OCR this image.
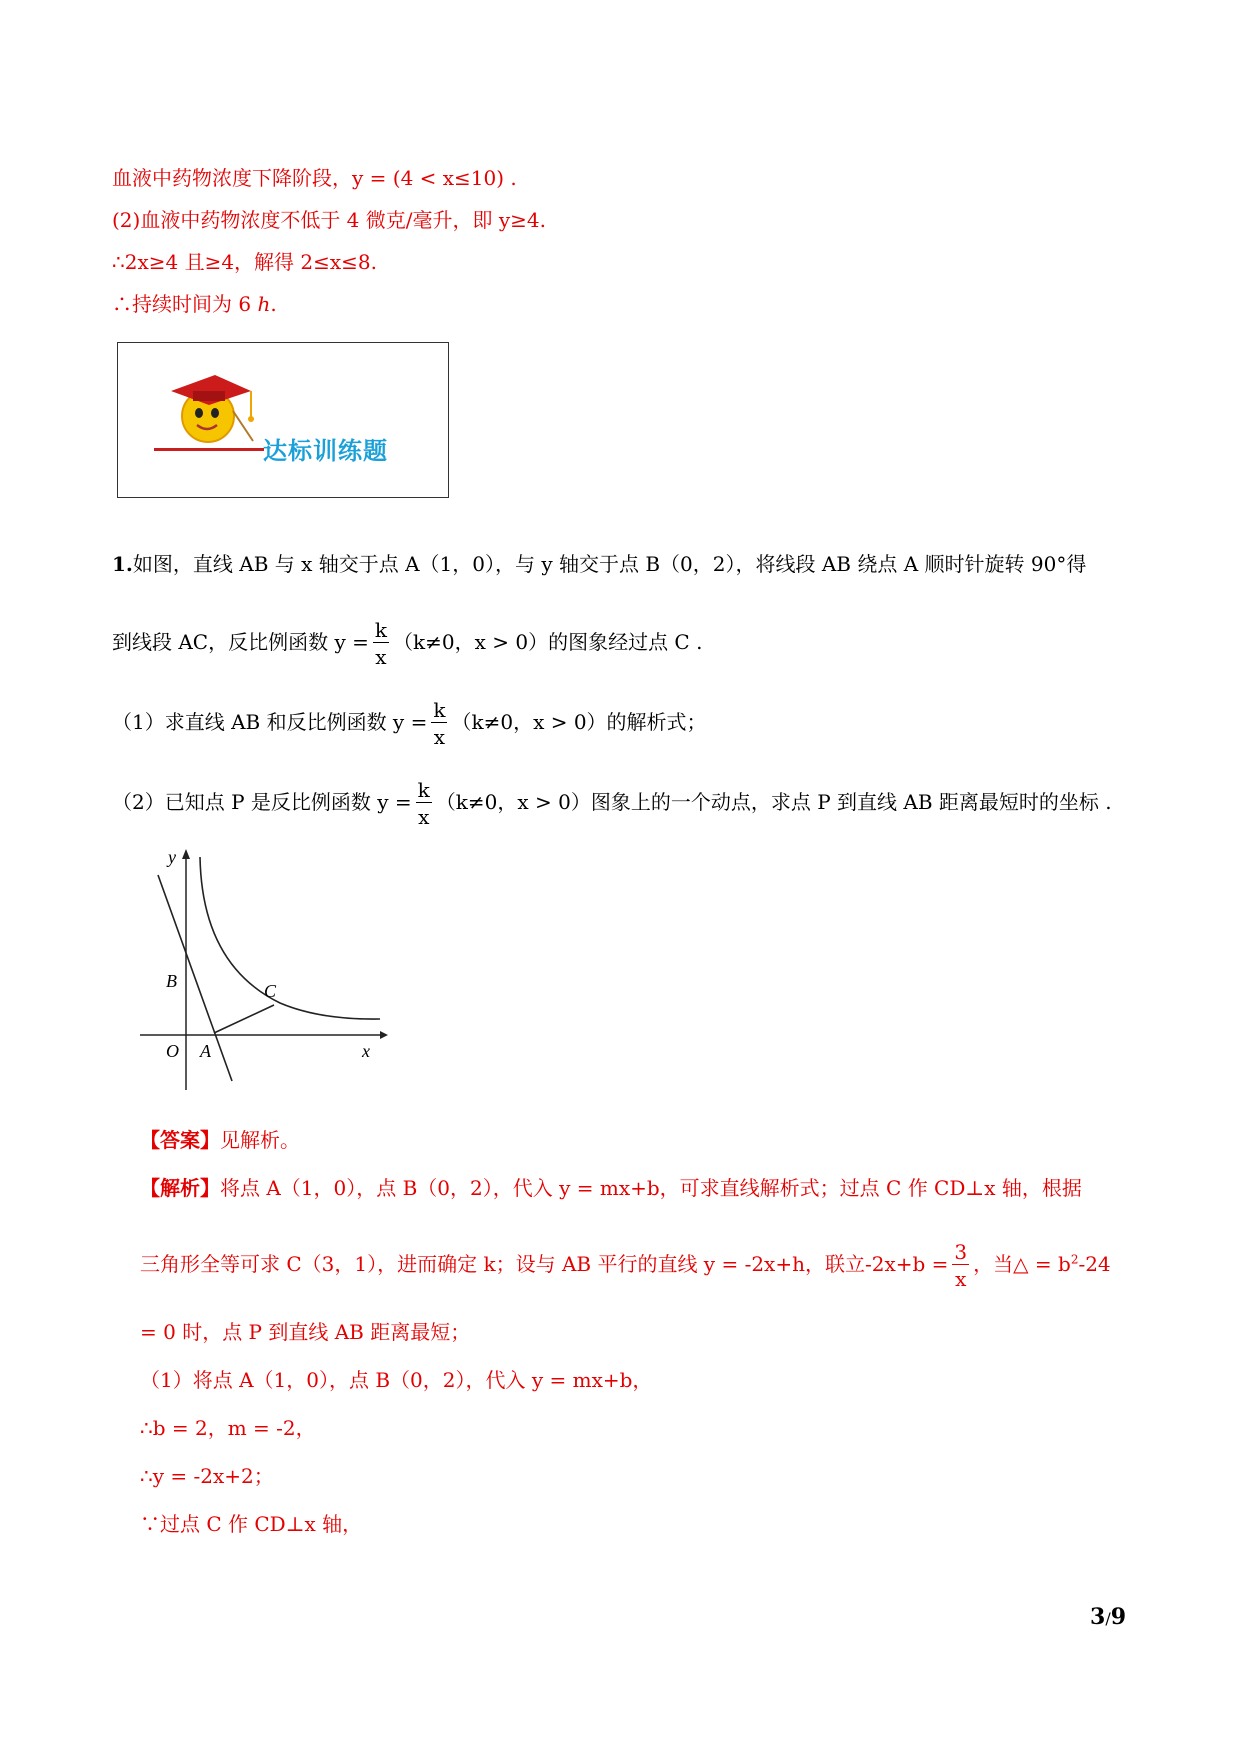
血液中药物浓度下降阶段，y = (4 < x≤10) .
(2)血液中药物浓度不低于 4 微克/毫升，即 y≥4.
∴2x≥4 且≥4，解得 2≤x≤8.
∴持续时间为 6 h.
达标训练题
1.如图，直线 AB 与 x 轴交于点 A（1，0），与 y 轴交于点 B（0，2），将线段 AB 绕点 A 顺时针旋转 90°得
到线段 AC，反比例函数 $y = \frac{k}{x} (k\ne 0$，x > 0）的图象经过点 C .
（1）求直线 AB 和反比例函数 $y = \frac{k}{x} (k\ne 0$，x > 0）的解析式；
（2）已知点 P 是反比例函数 $y = \frac{k}{x} (k\ne 0$，x > 0）图象上的一个动点，求点 P 到直线 AB 距离最短时的坐标 .
y
x
O A
B	C
【答案】见解析。
【解析】将点 A（1，0），点 B（0，2），代入 y = mx+b，可求直线解析式；过点 C 作 CD⊥x 轴，根据
三角形全等可求 C（3，1），进而确定 k；设与 AB 平行的直线 y = -2x+h，联立$-2x+b = \frac{3}{x}$ ，当△ = $b^2-24$
= 0 时，点 P 到直线 AB 距离最短；
（1）将点 A（1，0），点 B（0，2），代入 y = mx+b，
∴b = 2，m = -2，
∴y = -2x+2；
∵过点 C 作 CD⊥x 轴，
3/9
